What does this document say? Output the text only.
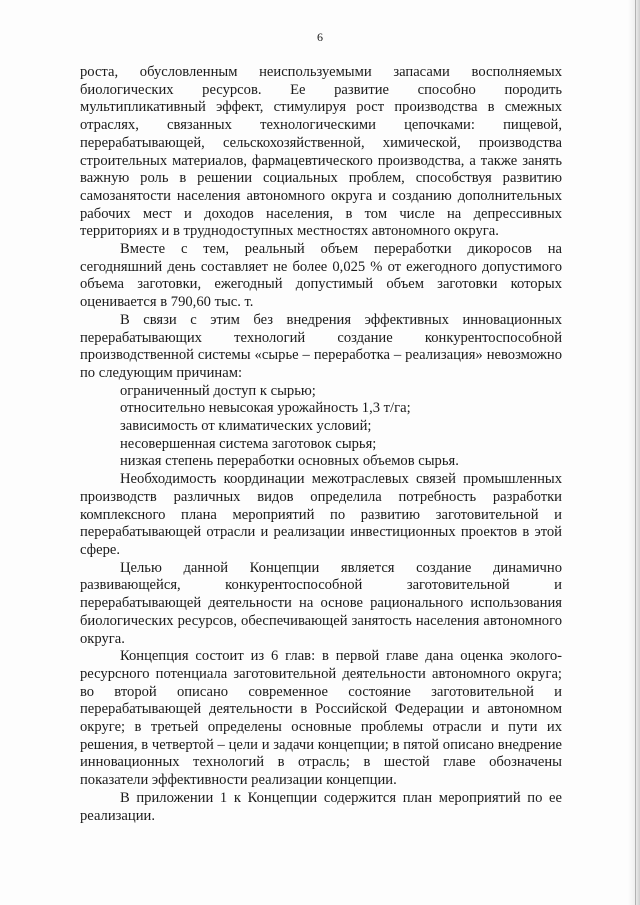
6

роста, обусловленным неиспользуемыми запасами восполняемых биологических ресурсов. Ее развитие способно породить мультипликативный эффект, стимулируя рост производства в смежных отраслях, связанных технологическими цепочками: пищевой, перерабатывающей, сельскохозяйственной, химической, производства строительных материалов, фармацевтического производства, а также занять важную роль в решении социальных проблем, способствуя развитию самозанятости населения автономного округа и созданию дополнительных рабочих мест и доходов населения, в том числе на депрессивных территориях и в труднодоступных местностях автономного округа.

Вместе с тем, реальный объем переработки дикоросов на сегодняшний день составляет не более 0,025 % от ежегодного допустимого объема заготовки, ежегодный допустимый объем заготовки которых оценивается в 790,60 тыс. т.

В связи с этим без внедрения эффективных инновационных перерабатывающих технологий создание конкурентоспособной производственной системы «сырье – переработка – реализация» невозможно по следующим причинам:

ограниченный доступ к сырью;

относительно невысокая урожайность 1,3 т/га;

зависимость от климатических условий;

несовершенная система заготовок сырья;

низкая степень переработки основных объемов сырья.

Необходимость координации межотраслевых связей промышленных производств различных видов определила потребность разработки комплексного плана мероприятий по развитию заготовительной и перерабатывающей отрасли и реализации инвестиционных проектов в этой сфере.

Целью данной Концепции является создание динамично развивающейся, конкурентоспособной заготовительной и перерабатывающей деятельности на основе рационального использования биологических ресурсов, обеспечивающей занятость населения автономного округа.

Концепция состоит из 6 глав: в первой главе дана оценка эколого-ресурсного потенциала заготовительной деятельности автономного округа; во второй описано современное состояние заготовительной и перерабатывающей деятельности в Российской Федерации и автономном округе; в третьей определены основные проблемы отрасли и пути их решения, в четвертой – цели и задачи концепции; в пятой описано внедрение инновационных технологий в отрасль; в шестой главе обозначены показатели эффективности реализации концепции.

В приложении 1 к Концепции содержится план мероприятий по ее реализации.
